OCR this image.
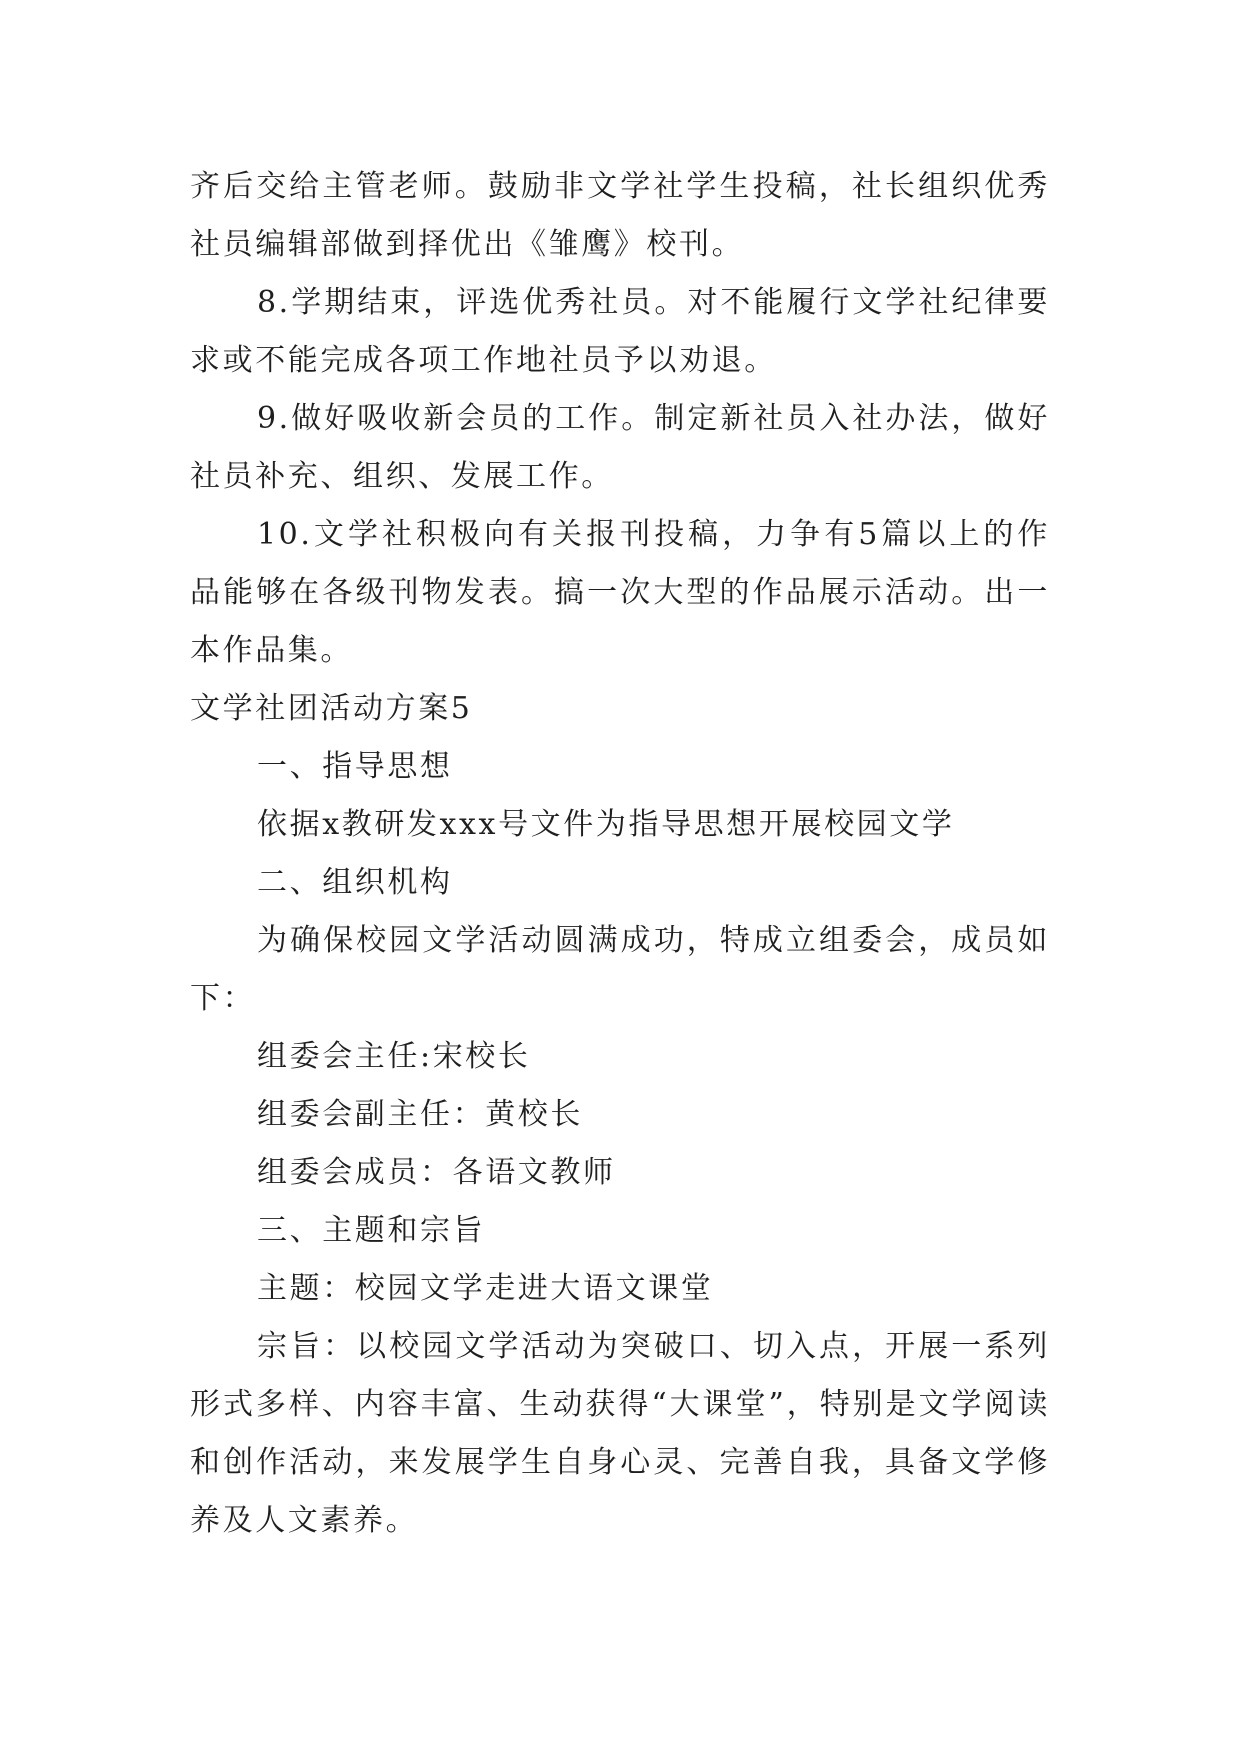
齐后交给主管老师。鼓励非文学社学生投稿，社长组织优秀社员编辑部做到择优出《雏鹰》校刊。

8.学期结束，评选优秀社员。对不能履行文学社纪律要求或不能完成各项工作地社员予以劝退。

9.做好吸收新会员的工作。制定新社员入社办法，做好社员补充、组织、发展工作。

10.文学社积极向有关报刊投稿，力争有5篇以上的作品能够在各级刊物发表。搞一次大型的作品展示活动。出一本作品集。

文学社团活动方案5

一、指导思想

依据x教研发xxx号文件为指导思想开展校园文学

二、组织机构

为确保校园文学活动圆满成功，特成立组委会，成员如下：

组委会主任:宋校长

组委会副主任：黄校长

组委会成员：各语文教师

三、主题和宗旨

主题：校园文学走进大语文课堂

宗旨：以校园文学活动为突破口、切入点，开展一系列形式多样、内容丰富、生动获得“大课堂”，特别是文学阅读和创作活动，来发展学生自身心灵、完善自我，具备文学修养及人文素养。
